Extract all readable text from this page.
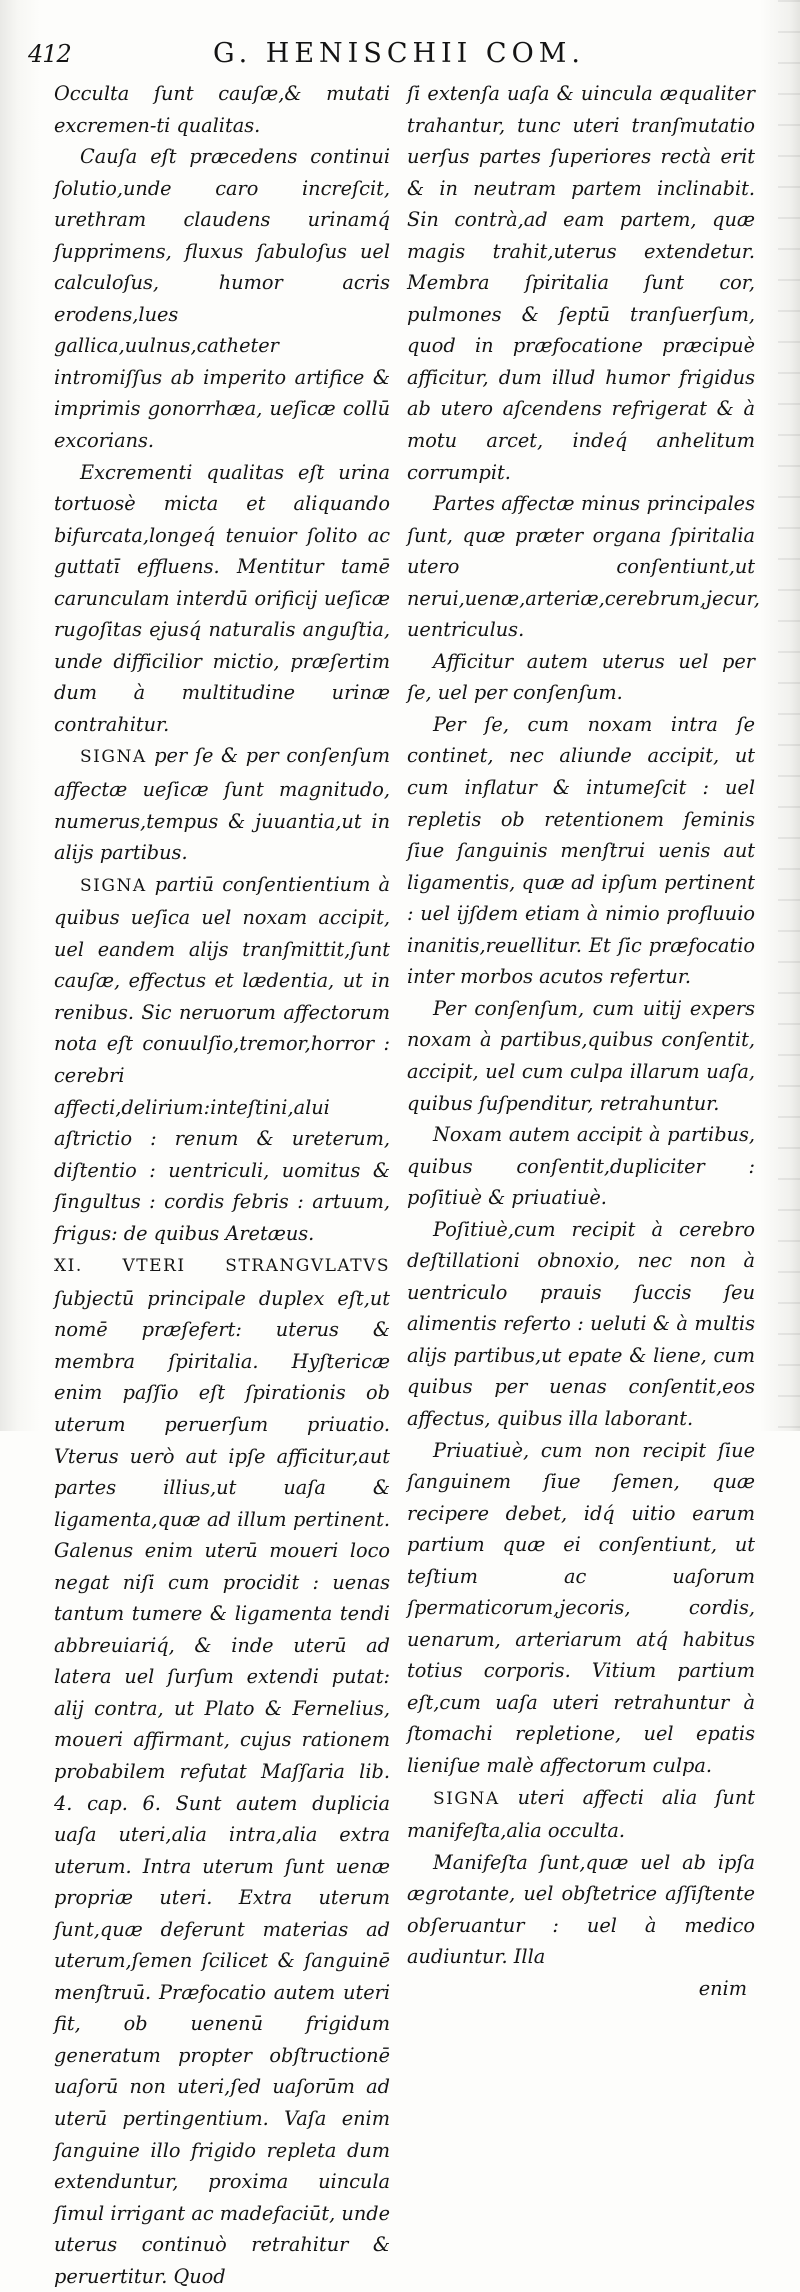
412	G. HENISCHII COM.

Occulta ſunt cauſæ,& mutati excremen-ti qualitas.

Cauſa eſt præcedens continui ſolutio,unde caro increſcit, urethram claudens urinamq́ ſupprimens, fluxus ſabuloſus uel calculoſus, humor acris erodens,lues gallica,uulnus,catheter intromiſſus ab imperito artifice & imprimis gonorrhæa, ueſicæ collū excorians.

Excrementi qualitas eſt urina tortuosè micta et aliquando bifurcata,longeq́ tenuior ſolito ac guttatī effluens. Mentitur tamē carunculam interdū orificij ueſicæ rugoſitas ejusq́ naturalis anguſtia, unde difficilior mictio, præſertim dum à multitudine urinæ contrahitur.

SIGNA per ſe & per conſenſum affectæ ueſicæ ſunt magnitudo, numerus,tempus & juuantia,ut in alijs partibus.

SIGNA partiū conſentientium à quibus ueſica uel noxam accipit, uel eandem alijs tranſmittit,ſunt cauſæ, effectus et lædentia, ut in renibus. Sic neruorum affectorum nota eſt conuulſio,tremor,horror : cerebri affecti,delirium:inteſtini,alui aſtrictio : renum & ureterum, diſtentio : uentriculi, uomitus & ſingultus : cordis febris : artuum, frigus: de quibus Aretæus.

XI. VTERI STRANGVLATVS ſubjectū principale duplex eſt,ut nomē præſefert: uterus & membra ſpiritalia. Hyſtericæ enim paſſio eſt ſpirationis ob uterum peruerſum priuatio. Vterus uerò aut ipſe afficitur,aut partes illius,ut uaſa & ligamenta,quæ ad illum pertinent. Galenus enim uterū moueri loco negat niſi cum procidit : uenas tantum tumere & ligamenta tendi abbreuiariq́, & inde uterū ad latera uel ſurſum extendi putat: alij contra, ut Plato & Fernelius, moueri affirmant, cujus rationem probabilem refutat Maſſaria lib. 4. cap. 6. Sunt autem duplicia uaſa uteri,alia intra,alia extra uterum. Intra uterum ſunt uenæ propriæ uteri. Extra uterum ſunt,quæ deferunt materias ad uterum,ſemen ſcilicet & ſanguinē menſtruū. Præfocatio autem uteri fit, ob uenenū frigidum generatum propter obſtructionē uaſorū non uteri,ſed uaſorūm ad uterū pertingentium. Vaſa enim ſanguine illo frigido repleta dum extenduntur, proxima uincula ſimul irrigant ac madefaciūt, unde uterus continuò retrahitur & peruertitur. Quod

ſi extenſa uaſa & uincula æqualiter trahantur, tunc uteri tranſmutatio uerſus partes ſuperiores rectà erit & in neutram partem inclinabit. Sin contrà,ad eam partem, quæ magis trahit,uterus extendetur. Membra ſpiritalia ſunt cor, pulmones & ſeptū tranſuerſum, quod in præfocatione præcipuè afficitur, dum illud humor frigidus ab utero aſcendens refrigerat & à motu arcet, indeq́ anhelitum corrumpit.

Partes affectæ minus principales ſunt, quæ præter organa ſpiritalia utero conſentiunt,ut nerui,uenæ,arteriæ,cerebrum,jecur, uentriculus.

Afficitur autem uterus uel per ſe, uel per conſenſum.

Per ſe, cum noxam intra ſe continet, nec aliunde accipit, ut cum inflatur & intumeſcit : uel repletis ob retentionem ſeminis ſiue ſanguinis menſtrui uenis aut ligamentis, quæ ad ipſum pertinent : uel ijſdem etiam à nimio profluuio inanitis,reuellitur. Et ſic præfocatio inter morbos acutos refertur.

Per conſenſum, cum uitij expers noxam à partibus,quibus conſentit, accipit, uel cum culpa illarum uaſa, quibus ſuſpenditur, retrahuntur.

Noxam autem accipit à partibus, quibus conſentit,dupliciter : poſitiuè & priuatiuè.

Poſitiuè,cum recipit à cerebro deſtillationi obnoxio, nec non à uentriculo prauis ſuccis ſeu alimentis referto : ueluti & à multis alijs partibus,ut epate & liene, cum quibus per uenas conſentit,eos affectus, quibus illa laborant.

Priuatiuè, cum non recipit ſiue ſanguinem ſiue ſemen, quæ recipere debet, idq́ uitio earum partium quæ ei conſentiunt, ut teſtium ac uaſorum ſpermaticorum,jecoris, cordis, uenarum, arteriarum atq́ habitus totius corporis. Vitium partium eſt,cum uaſa uteri retrahuntur à ſtomachi repletione, uel epatis lieniſue malè affectorum culpa.

SIGNA uteri affecti alia ſunt manifeſta,alia occulta.

Manifeſta ſunt,quæ uel ab ipſa ægrotante, uel obſtetrice aſſiſtente obſeruantur : uel à medico audiuntur. Illa

enim
